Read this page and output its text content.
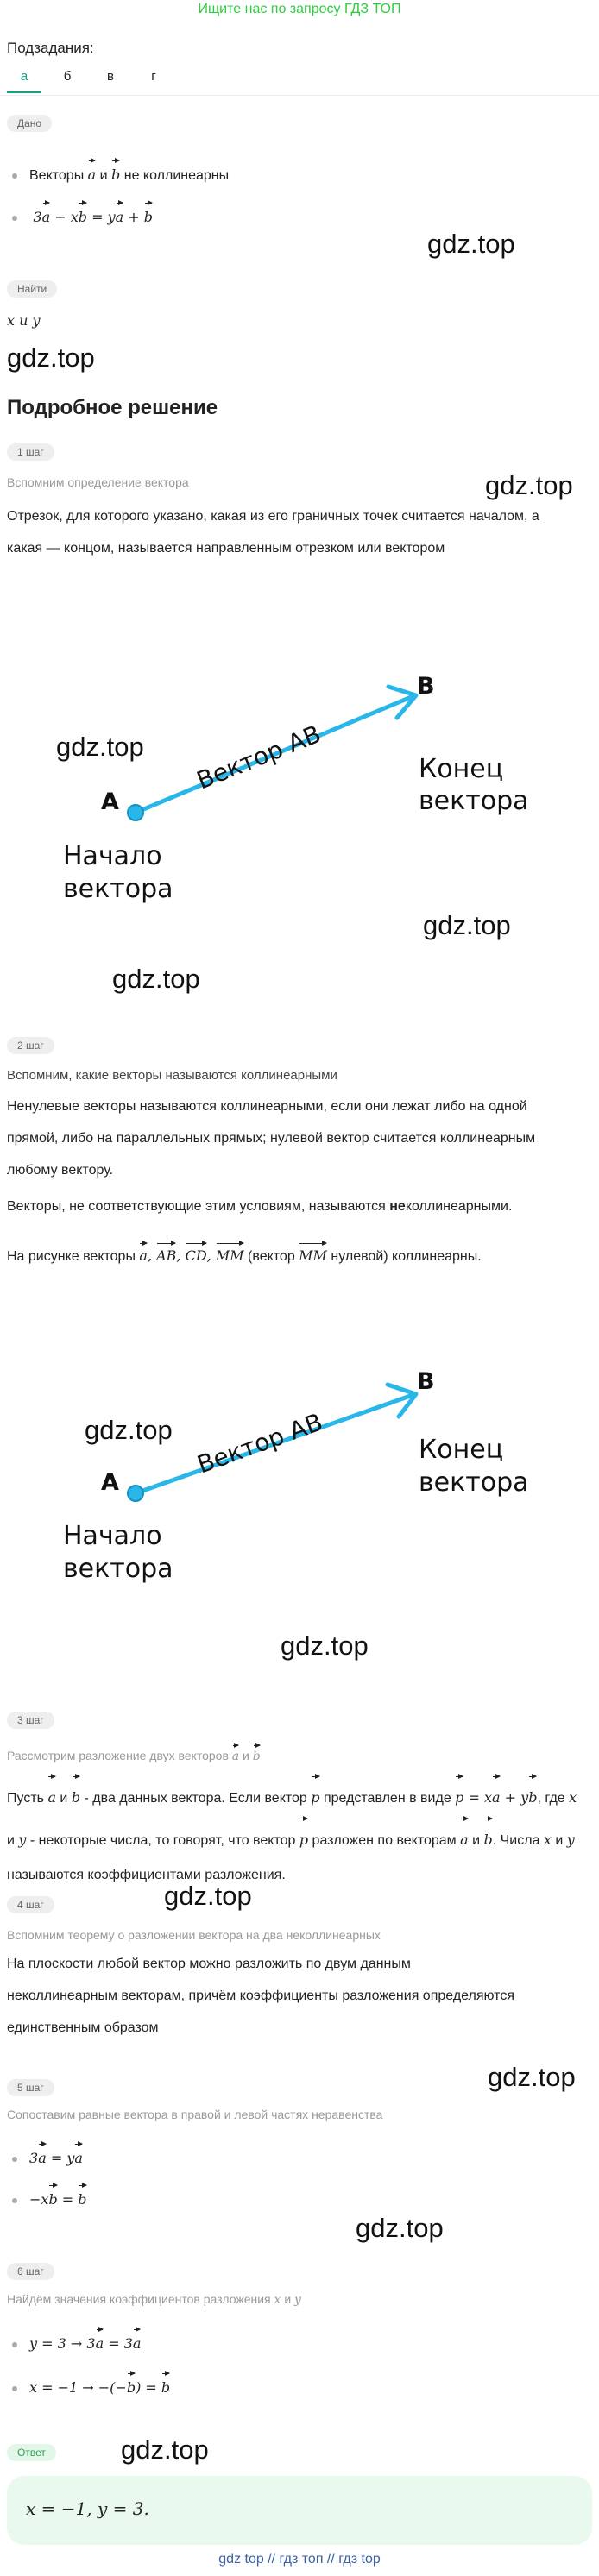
Ищите нас по запросу ГДЗ ТОП
Подзадания:
а	б	в	г
Дано
Векторы a и b не коллинеарны
3a − xb = ya + b
gdz.top
Найти
x и y
gdz.top
Подробное решение
1 шаг
Вспомним определение вектора	gdz.top
Отрезок, для которого указано, какая из его граничных точек считается началом, а какая — концом, называется направленным отрезком или вектором
A
B
Вектор AB
Начало
вектора
Конец
вектора
gdz.top
gdz.top
gdz.top
2 шаг
Вспомним, какие векторы называются коллинеарными
Ненулевые векторы называются коллинеарными, если они лежат либо на одной прямой, либо на параллельных прямых; нулевой вектор считается коллинеарным любому вектору.
Векторы, не соответствующие этим условиям, называются неколлинеарными.
На рисунке векторы a, AB, CD, MM (вектор MM нулевой) коллинеарны.
A
B
Вектор AB
Начало
вектора
Конец
вектора
gdz.top
gdz.top
3 шаг
Рассмотрим разложение двух векторов a и b
Пусть a и b - два данных вектора. Если вектор p представлен в виде p = xa + yb, где x и y - некоторые числа, то говорят, что вектор p разложен по векторам a и b. Числа x и y называются коэффициентами разложения.
gdz.top
4 шаг
Вспомним теорему о разложении вектора на два неколлинеарных
На плоскости любой вектор можно разложить по двум данным неколлинеарным векторам, причём коэффициенты разложения определяются единственным образом
gdz.top
5 шаг
Сопоставим равные вектора в правой и левой частях неравенства
3a = ya
−xb = b
gdz.top
6 шаг
Найдём значения коэффициентов разложения x и y
y = 3 → 3a = 3a
x = −1 → −(−b) = b
Ответ	gdz.top
x = −1, y = 3.
gdz top // гдз топ // гдз top
